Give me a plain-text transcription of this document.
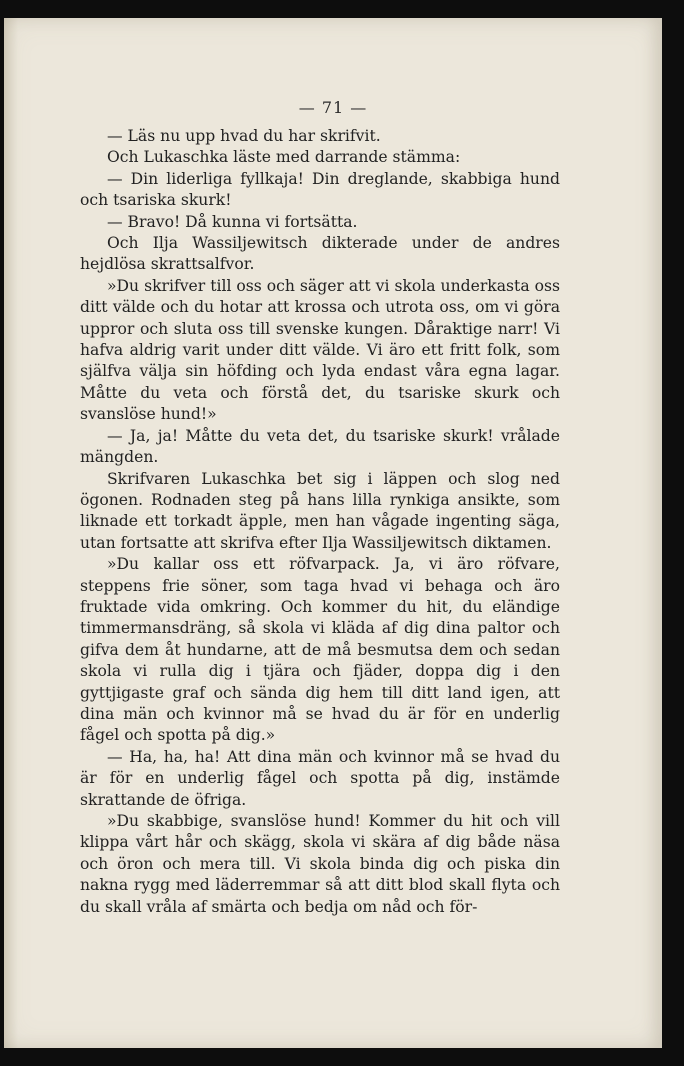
— 71 —

— Läs nu upp hvad du har skrifvit.

Och Lukaschka läste med darrande stämma:

— Din liderliga fyllkaja! Din dreglande, skabbiga hund och tsariska skurk!

— Bravo! Då kunna vi fortsätta.

Och Ilja Wassiljewitsch dikterade under de andres hejdlösa skrattsalfvor.

»Du skrifver till oss och säger att vi skola underkasta oss ditt välde och du hotar att krossa och utrota oss, om vi göra uppror och sluta oss till svenske kungen. Dåraktige narr! Vi hafva aldrig varit under ditt välde. Vi äro ett fritt folk, som själfva välja sin höfding och lyda endast våra egna lagar. Måtte du veta och förstå det, du tsariske skurk och svanslöse hund!»

— Ja, ja! Måtte du veta det, du tsariske skurk! vrålade mängden.

Skrifvaren Lukaschka bet sig i läppen och slog ned ögonen. Rodnaden steg på hans lilla rynkiga ansikte, som liknade ett torkadt äpple, men han vågade ingenting säga, utan fortsatte att skrifva efter Ilja Wassiljewitsch diktamen.

»Du kallar oss ett röfvarpack. Ja, vi äro röfvare, steppens frie söner, som taga hvad vi behaga och äro fruktade vida omkring. Och kommer du hit, du eländige timmermansdräng, så skola vi kläda af dig dina paltor och gifva dem åt hundarne, att de må besmutsa dem och sedan skola vi rulla dig i tjära och fjäder, doppa dig i den gyttjigaste graf och sända dig hem till ditt land igen, att dina män och kvinnor må se hvad du är för en underlig fågel och spotta på dig.»

— Ha, ha, ha! Att dina män och kvinnor må se hvad du är för en underlig fågel och spotta på dig, instämde skrattande de öfriga.

»Du skabbige, svanslöse hund! Kommer du hit och vill klippa vårt hår och skägg, skola vi skära af dig både näsa och öron och mera till. Vi skola binda dig och piska din nakna rygg med läderremmar så att ditt blod skall flyta och du skall vråla af smärta och bedja om nåd och för-
